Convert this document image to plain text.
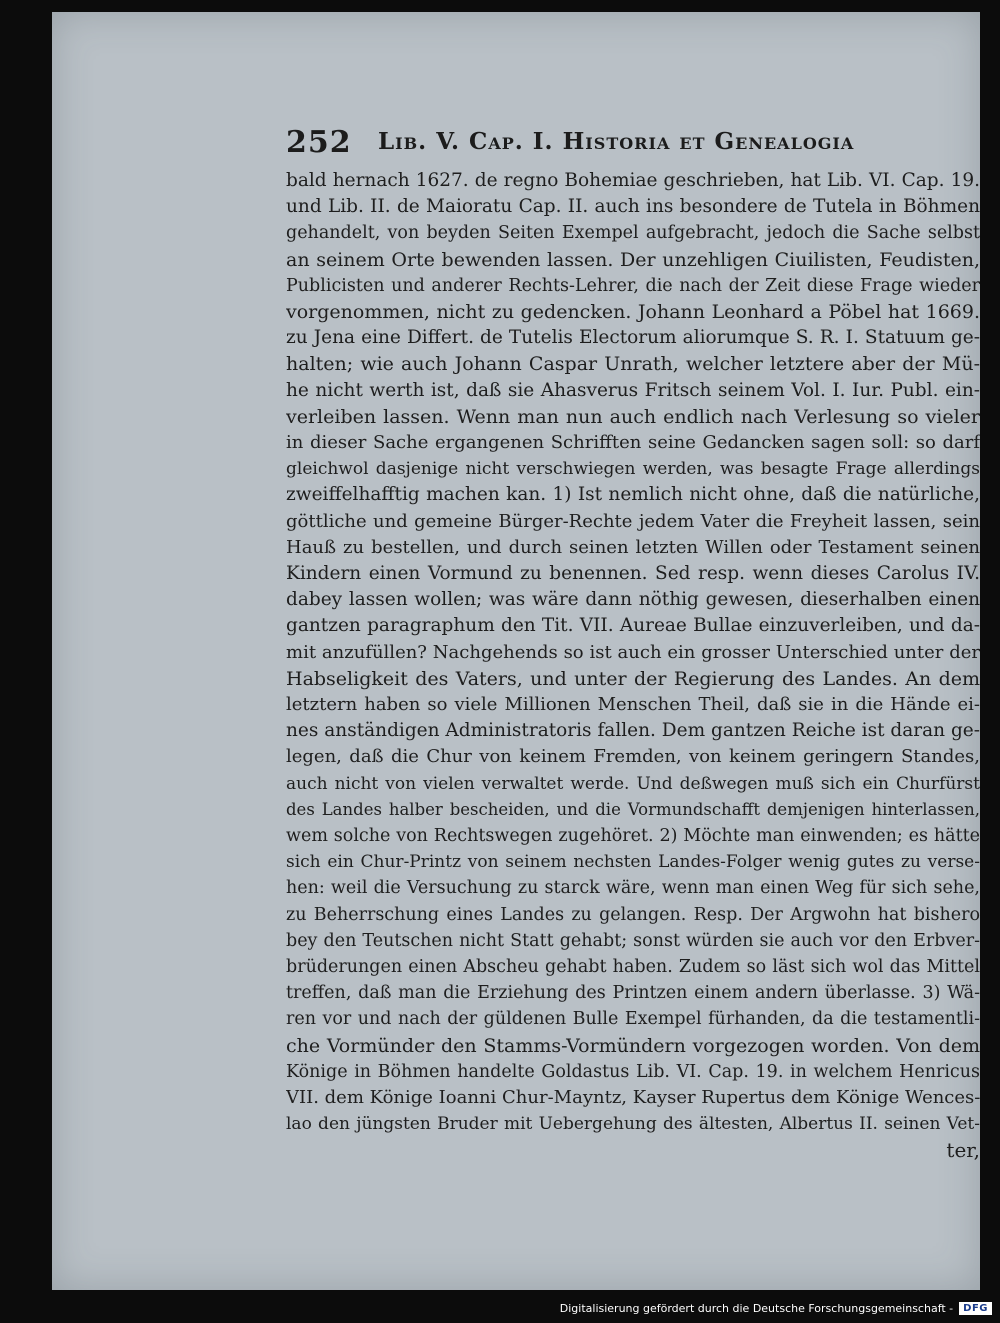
252 Lib. V. Cap. I. Historia et Genealogia
bald hernach 1627. de regno Bohemiae geschrieben, hat Lib. VI. Cap. 19.
und Lib. II. de Maioratu Cap. II. auch ins besondere de Tutela in Böhmen
gehandelt, von beyden Seiten Exempel aufgebracht, jedoch die Sache selbst
an seinem Orte bewenden lassen. Der unzehligen Ciuilisten, Feudisten,
Publicisten und anderer Rechts-Lehrer, die nach der Zeit diese Frage wieder
vorgenommen, nicht zu gedencken. Johann Leonhard a Pöbel hat 1669.
zu Jena eine Differt. de Tutelis Electorum aliorumque S. R. I. Statuum ge-
halten; wie auch Johann Caspar Unrath, welcher letztere aber der Mü-
he nicht werth ist, daß sie Ahasverus Fritsch seinem Vol. I. Iur. Publ. ein-
verleiben lassen. Wenn man nun auch endlich nach Verlesung so vieler
in dieser Sache ergangenen Schrifften seine Gedancken sagen soll: so darf
gleichwol dasjenige nicht verschwiegen werden, was besagte Frage allerdings
zweiffelhafftig machen kan. 1) Ist nemlich nicht ohne, daß die natürliche,
göttliche und gemeine Bürger-Rechte jedem Vater die Freyheit lassen, sein
Hauß zu bestellen, und durch seinen letzten Willen oder Testament seinen
Kindern einen Vormund zu benennen. Sed resp. wenn dieses Carolus IV.
dabey lassen wollen; was wäre dann nöthig gewesen, dieserhalben einen
gantzen paragraphum den Tit. VII. Aureae Bullae einzuverleiben, und da-
mit anzufüllen? Nachgehends so ist auch ein grosser Unterschied unter der
Habseligkeit des Vaters, und unter der Regierung des Landes. An dem
letztern haben so viele Millionen Menschen Theil, daß sie in die Hände ei-
nes anständigen Administratoris fallen. Dem gantzen Reiche ist daran ge-
legen, daß die Chur von keinem Fremden, von keinem geringern Standes,
auch nicht von vielen verwaltet werde. Und deßwegen muß sich ein Churfürst
des Landes halber bescheiden, und die Vormundschafft demjenigen hinterlassen,
wem solche von Rechtswegen zugehöret. 2) Möchte man einwenden; es hätte
sich ein Chur-Printz von seinem nechsten Landes-Folger wenig gutes zu verse-
hen: weil die Versuchung zu starck wäre, wenn man einen Weg für sich sehe,
zu Beherrschung eines Landes zu gelangen. Resp. Der Argwohn hat bishero
bey den Teutschen nicht Statt gehabt; sonst würden sie auch vor den Erbver-
brüderungen einen Abscheu gehabt haben. Zudem so läst sich wol das Mittel
treffen, daß man die Erziehung des Printzen einem andern überlasse. 3) Wä-
ren vor und nach der güldenen Bulle Exempel fürhanden, da die testamentli-
che Vormünder den Stamms-Vormündern vorgezogen worden. Von dem
Könige in Böhmen handelte Goldastus Lib. VI. Cap. 19. in welchem Henricus
VII. dem Könige Ioanni Chur-Mayntz, Kayser Rupertus dem Könige Wences-
lao den jüngsten Bruder mit Uebergehung des ältesten, Albertus II. seinen Vet-
ter,
Digitalisierung gefördert durch die Deutsche Forschungsgemeinschaft -	DFG
